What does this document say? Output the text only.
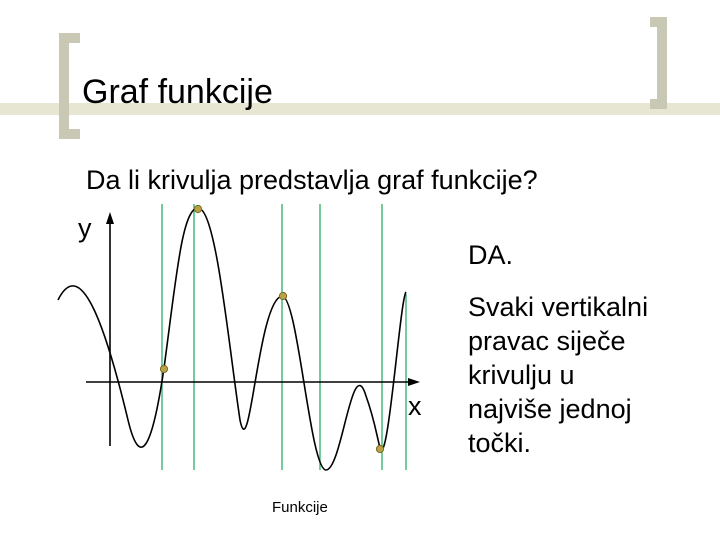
Graf funkcije
Da li krivulja predstavlja graf funkcije?
y
x
DA.
Svaki vertikalni
pravac siječe
krivulju u
najviše jednoj
točki.
Funkcije
